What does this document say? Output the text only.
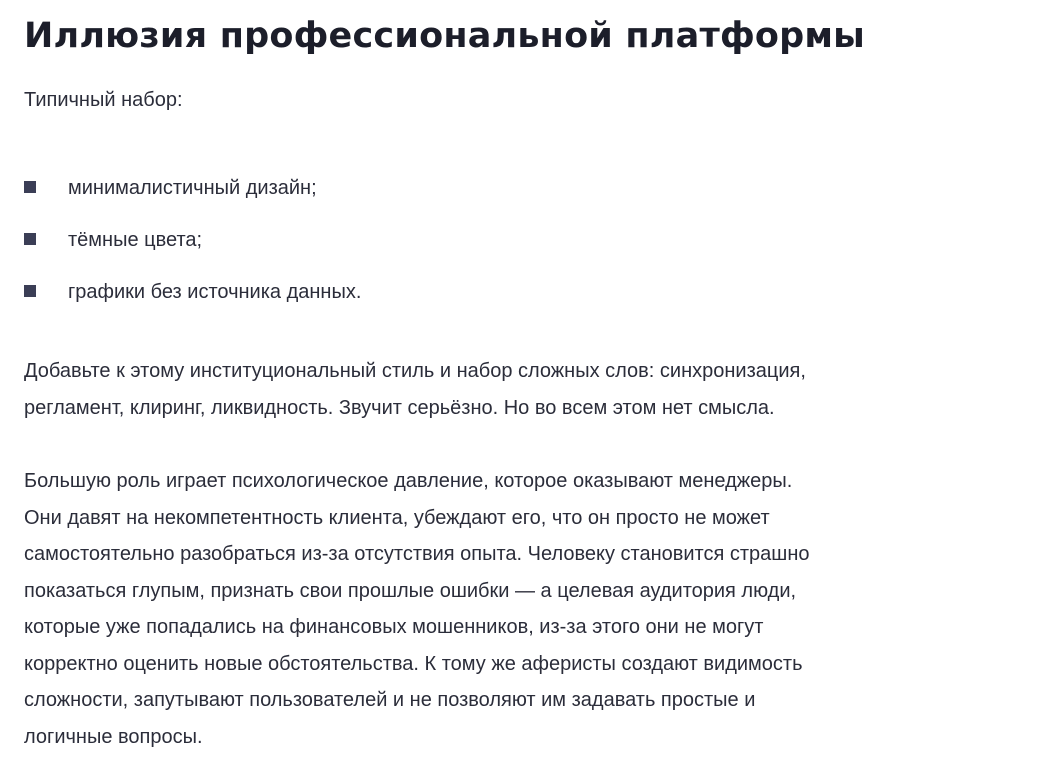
Иллюзия профессиональной платформы

Типичный набор:

минималистичный дизайн;
тёмные цвета;
графики без источника данных.

Добавьте к этому институциональный стиль и набор сложных слов: синхронизация,
регламент, клиринг, ликвидность. Звучит серьёзно. Но во всем этом нет смысла.

Большую роль играет психологическое давление, которое оказывают менеджеры.
Они давят на некомпетентность клиента, убеждают его, что он просто не может
самостоятельно разобраться из-за отсутствия опыта. Человеку становится страшно
показаться глупым, признать свои прошлые ошибки — а целевая аудитория люди,
которые уже попадались на финансовых мошенников, из-за этого они не могут
корректно оценить новые обстоятельства. К тому же аферисты создают видимость
сложности, запутывают пользователей и не позволяют им задавать простые и
логичные вопросы.
